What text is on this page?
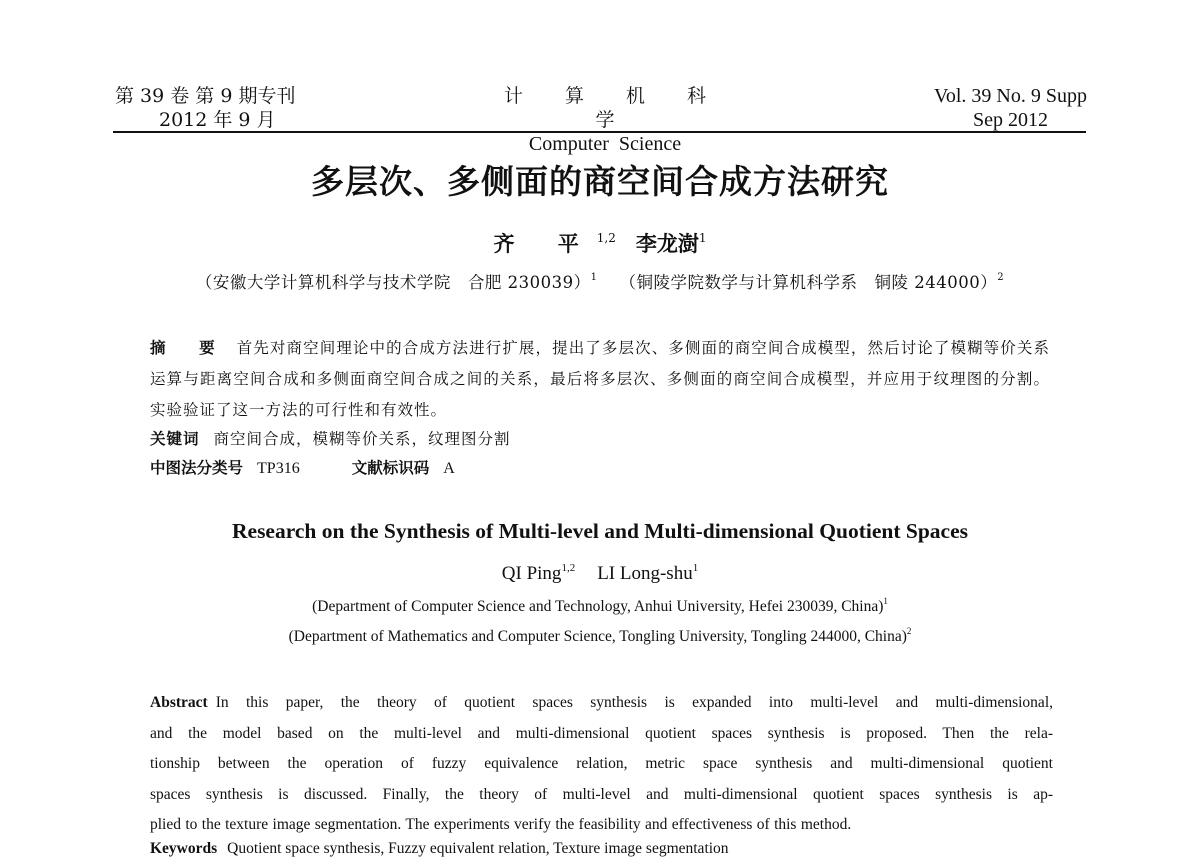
第 39 卷 第 9 期专刊
2012 年 9 月
计 算 机 科 学
Computer  Science
Vol. 39 No. 9 Supp
Sep 2012
多层次、多侧面的商空间合成方法研究
齐 平$^{1,2}$ 李龙澍$^1$
（安徽大学计算机科学与技术学院　合肥 230039）$^1$ （铜陵学院数学与计算机科学系　铜陵 244000）$^2$
摘 要 首先对商空间理论中的合成方法进行扩展，提出了多层次、多侧面的商空间合成模型，然后讨论了模糊等价关系运算与距离空间合成和多侧面商空间合成之间的关系，最后将多层次、多侧面的商空间合成模型，并应用于纹理图的分割。实验验证了这一方法的可行性和有效性。
关键词 商空间合成，模糊等价关系，纹理图分割
中图法分类号 TP316	文献标识码 A
Research on the Synthesis of Multi-level and Multi-dimensional Quotient Spaces
QI Ping$^{1,2}$ LI Long-shu$^1$
(Department of Computer Science and Technology, Anhui University, Hefei 230039, China)$^1$
(Department of Mathematics and Computer Science, Tongling University, Tongling 244000, China)$^2$
Abstract In this paper, the theory of quotient spaces synthesis is expanded into multi-level and multi-dimensional,
and the model based on the multi-level and multi-dimensional quotient spaces synthesis is proposed. Then the rela-
tionship between the operation of fuzzy equivalence relation, metric space synthesis and multi-dimensional quotient
spaces synthesis is discussed. Finally, the theory of multi-level and multi-dimensional quotient spaces synthesis is ap-
plied to the texture image segmentation. The experiments verify the feasibility and effectiveness of this method.
Keywords Quotient space synthesis, Fuzzy equivalent relation, Texture image segmentation
